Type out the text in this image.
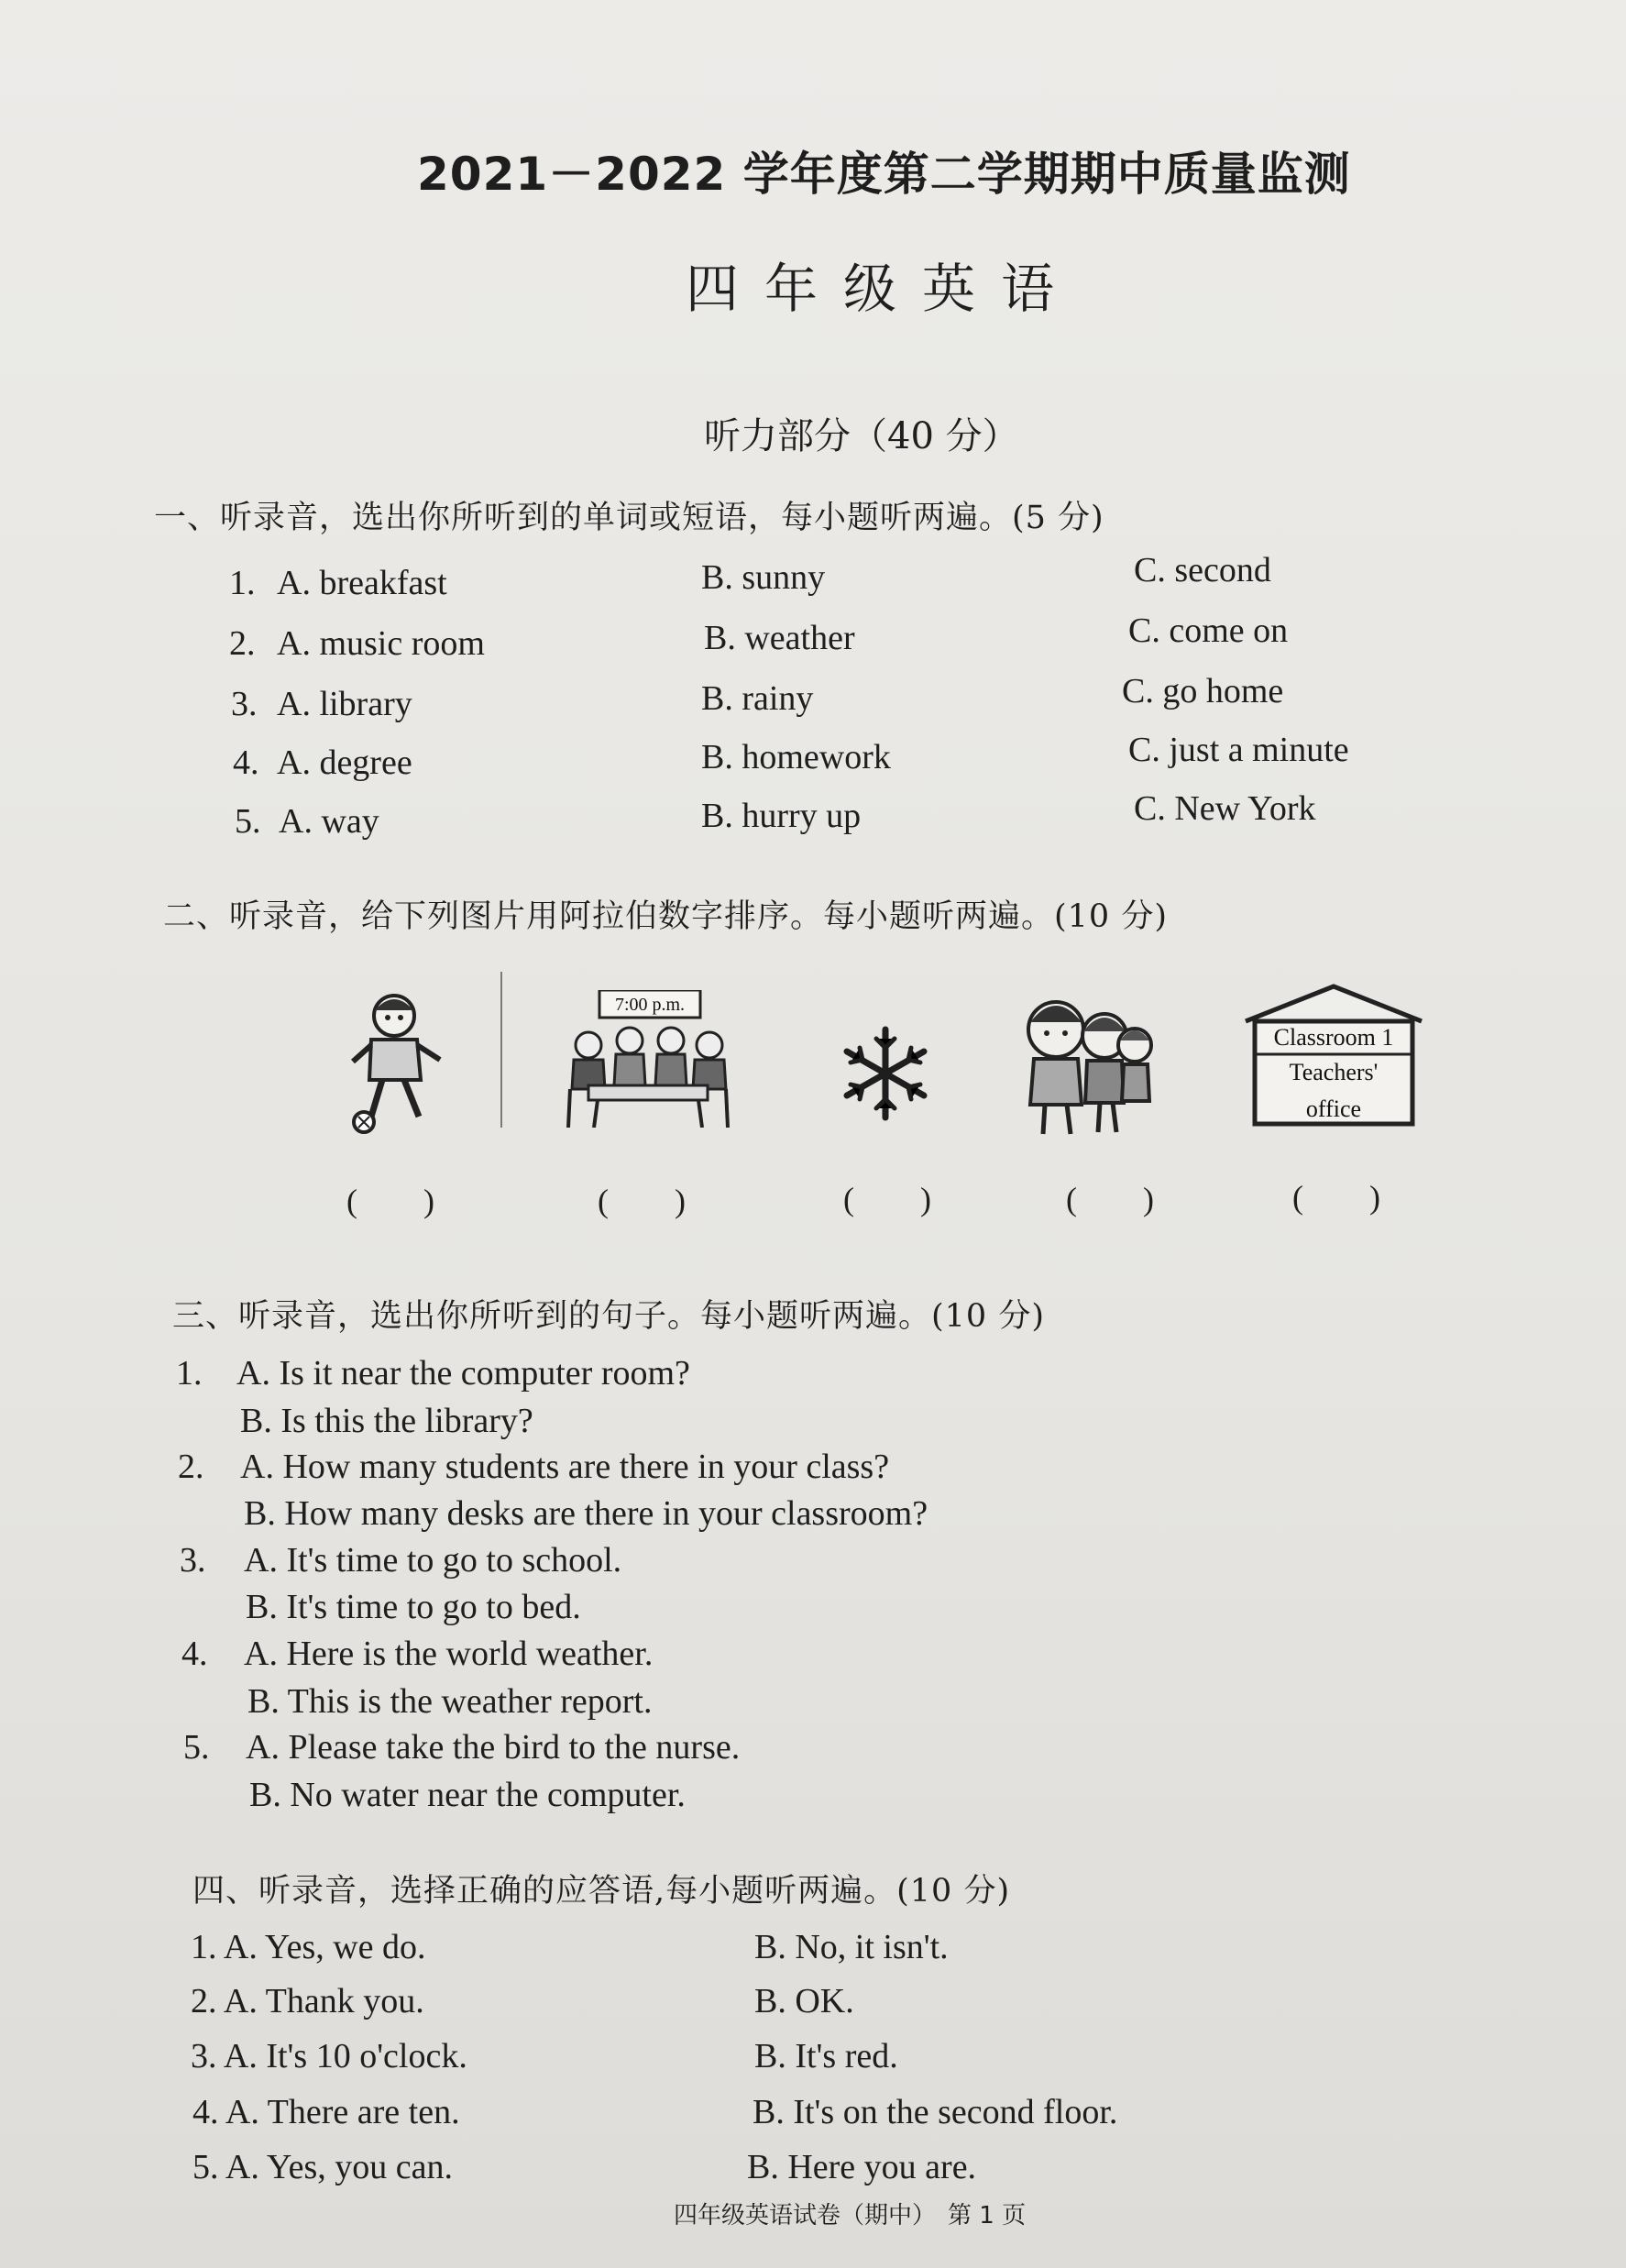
2021－2022 学年度第二学期期中质量监测
四年级英语
听力部分（40 分）
一、听录音，选出你所听到的单词或短语，每小题听两遍。(5 分)
1. A. breakfast	B. sunny	C. second
2. A. music room	B. weather	C. come on
3. A. library	B. rainy	C. go home
4. A. degree	B. homework	C. just a minute
5. A. way	B. hurry up	C. New York
二、听录音，给下列图片用阿拉伯数字排序。每小题听两遍。(10 分)
7:00 p.m.
Classroom 1
Teachers'
office
(　　)	(　　)	(　　)	(　　)	(　　)
三、听录音，选出你所听到的句子。每小题听两遍。(10 分)
1. A. Is it near the computer room?
B. Is this the library?
2. A. How many students are there in your class?
B. How many desks are there in your classroom?
3. A. It's time to go to school.
B. It's time to go to bed.
4. A. Here is the world weather.
B. This is the weather report.
5. A. Please take the bird to the nurse.
B. No water near the computer.
四、听录音，选择正确的应答语,每小题听两遍。(10 分)
1. A. Yes, we do.	B. No, it isn't.
2. A. Thank you.	B. OK.
3. A. It's 10 o'clock.	B. It's red.
4. A. There are ten.	B. It's on the second floor.
5. A. Yes, you can.	B. Here you are.
四年级英语试卷（期中）　第 1 页
